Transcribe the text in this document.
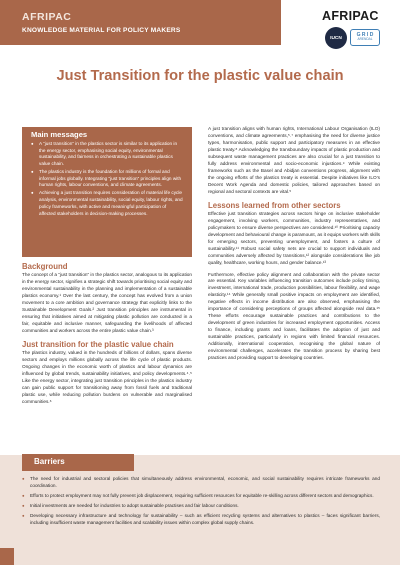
AFRIPAC
KNOWLEDGE MATERIAL FOR POLICY MAKERS
AFRIPAC
IUCN	G R I D
ARENDAL
Just Transition for the plastic value chain
Main messages
● A “just transition” in the plastics sector is similar to its application in the energy sector, emphasising social equity, environmental sustainability, and fairness in orchestrating a sustainable plastics value chain.
● The plastics industry is the foundation for millions of formal and informal jobs globally. Integrating “just transition” principles align with human rights, labour conventions, and climate agreements.
● Achieving a just transition requires consideration of material life cycle analysis, environmental sustainability, social equity, labour rights, and policy frameworks, with active and meaningful participation of affected stakeholders in decision-making processes.
Background

The concept of a “just transition” in the plastics sector, analogous to its application in the energy sector, signifies a strategic shift towards prioritising social equity and environmental sustainability in the planning and implementation of a sustainable plastics economy.¹ Over the last century, the concept has evolved from a union movement to a core ambition and governance strategy that explicitly links to the Sustainable Development Goals.² Just transition principles are instrumental in ensuring that initiatives aimed at mitigating plastic pollution are conducted in a fair, equitable and inclusive manner, safeguarding the livelihoods of affected communities and workers across the entire plastic value chain.³

Just transition for the plastic value chain

The plastics industry, valued in the hundreds of billions of dollars, spans diverse sectors and employs millions globally across the life cycle of plastic products. Ongoing changes in the economic worth of plastics and labour dynamics are influenced by global trends, sustainability initiatives, and policy developments.⁴˒⁵ Like the energy sector, integrating just transition principles in the plastics industry can gain public support for transitioning away from fossil fuels and traditional plastic use, while reducing pollution burdens on vulnerable and marginalised communities.⁶

A just transition aligns with human rights, International Labour Organisation (ILO) conventions, and climate agreements,⁵˒⁷ emphasising the need for diverse justice types, harmonisation, public support and participatory measures in an effective plastic treaty.⁸ Acknowledging the transboundary impacts of plastic production and subsequent waste management practices are also crucial for a just transition to fully address environmental and socio-economic injustices.⁹ While existing frameworks such as the Basel and Abidjan conventions progress, alignment with the ongoing efforts of the plastics treaty is essential. Despite initiatives like ILO’s Decent Work Agenda and domestic policies, tailored approaches based on regional and sectoral contexts are vital.⁵

Lessons learned from other sectors

Effective just transition strategies across sectors hinge on inclusive stakeholder engagement, involving workers, communities, industry representatives, and policymakers to ensure diverse perspectives are considered.¹⁰ Prioritising capacity development and behavioural change is paramount, as it equips workers with skills for emerging sectors, preventing unemployment, and fosters a culture of sustainability.¹¹ Robust social safety nets are crucial to support individuals and communities adversely affected by transitions,¹² alongside considerations like job quality, healthcare, working hours, and gender balance.¹³

Furthermore, effective policy alignment and collaboration with the private sector are essential. Key variables influencing transition outcomes include policy timing, investment, international trade, production possibilities, labour flexibility, and wage elasticity.¹⁴ While generally small positive impacts on employment are identified, negative effects in income distribution are also observed, emphasising the importance of considering perceptions of groups affected alongside real data.¹⁵ These efforts encourage sustainable practices and contributions to the development of green industries for increased employment opportunities. Access to finance, including grants and loans, facilitates the adoption of just and sustainable practices, particularly in regions with limited financial resources. Additionally, international cooperation, recognising the global nature of environmental challenges, accelerates the transition process by sharing best practices and providing support to developing countries.

Barriers
● The need for industrial and sectoral policies that simultaneously address environmental, economic, and social sustainability requires intricate frameworks and coordination.
● Efforts to protect employment may not fully prevent job displacement, requiring sufficient resources for equitable re-skilling across different sectors and demographics.
● Initial investments are needed for industries to adopt sustainable practises and fair labour conditions.
● Developing necessary infrastructure and technology for sustainability – such as efficient recycling systems and alternatives to plastics – faces significant barriers, including insufficient waste management facilities and scalability issues within complex global supply chains.
